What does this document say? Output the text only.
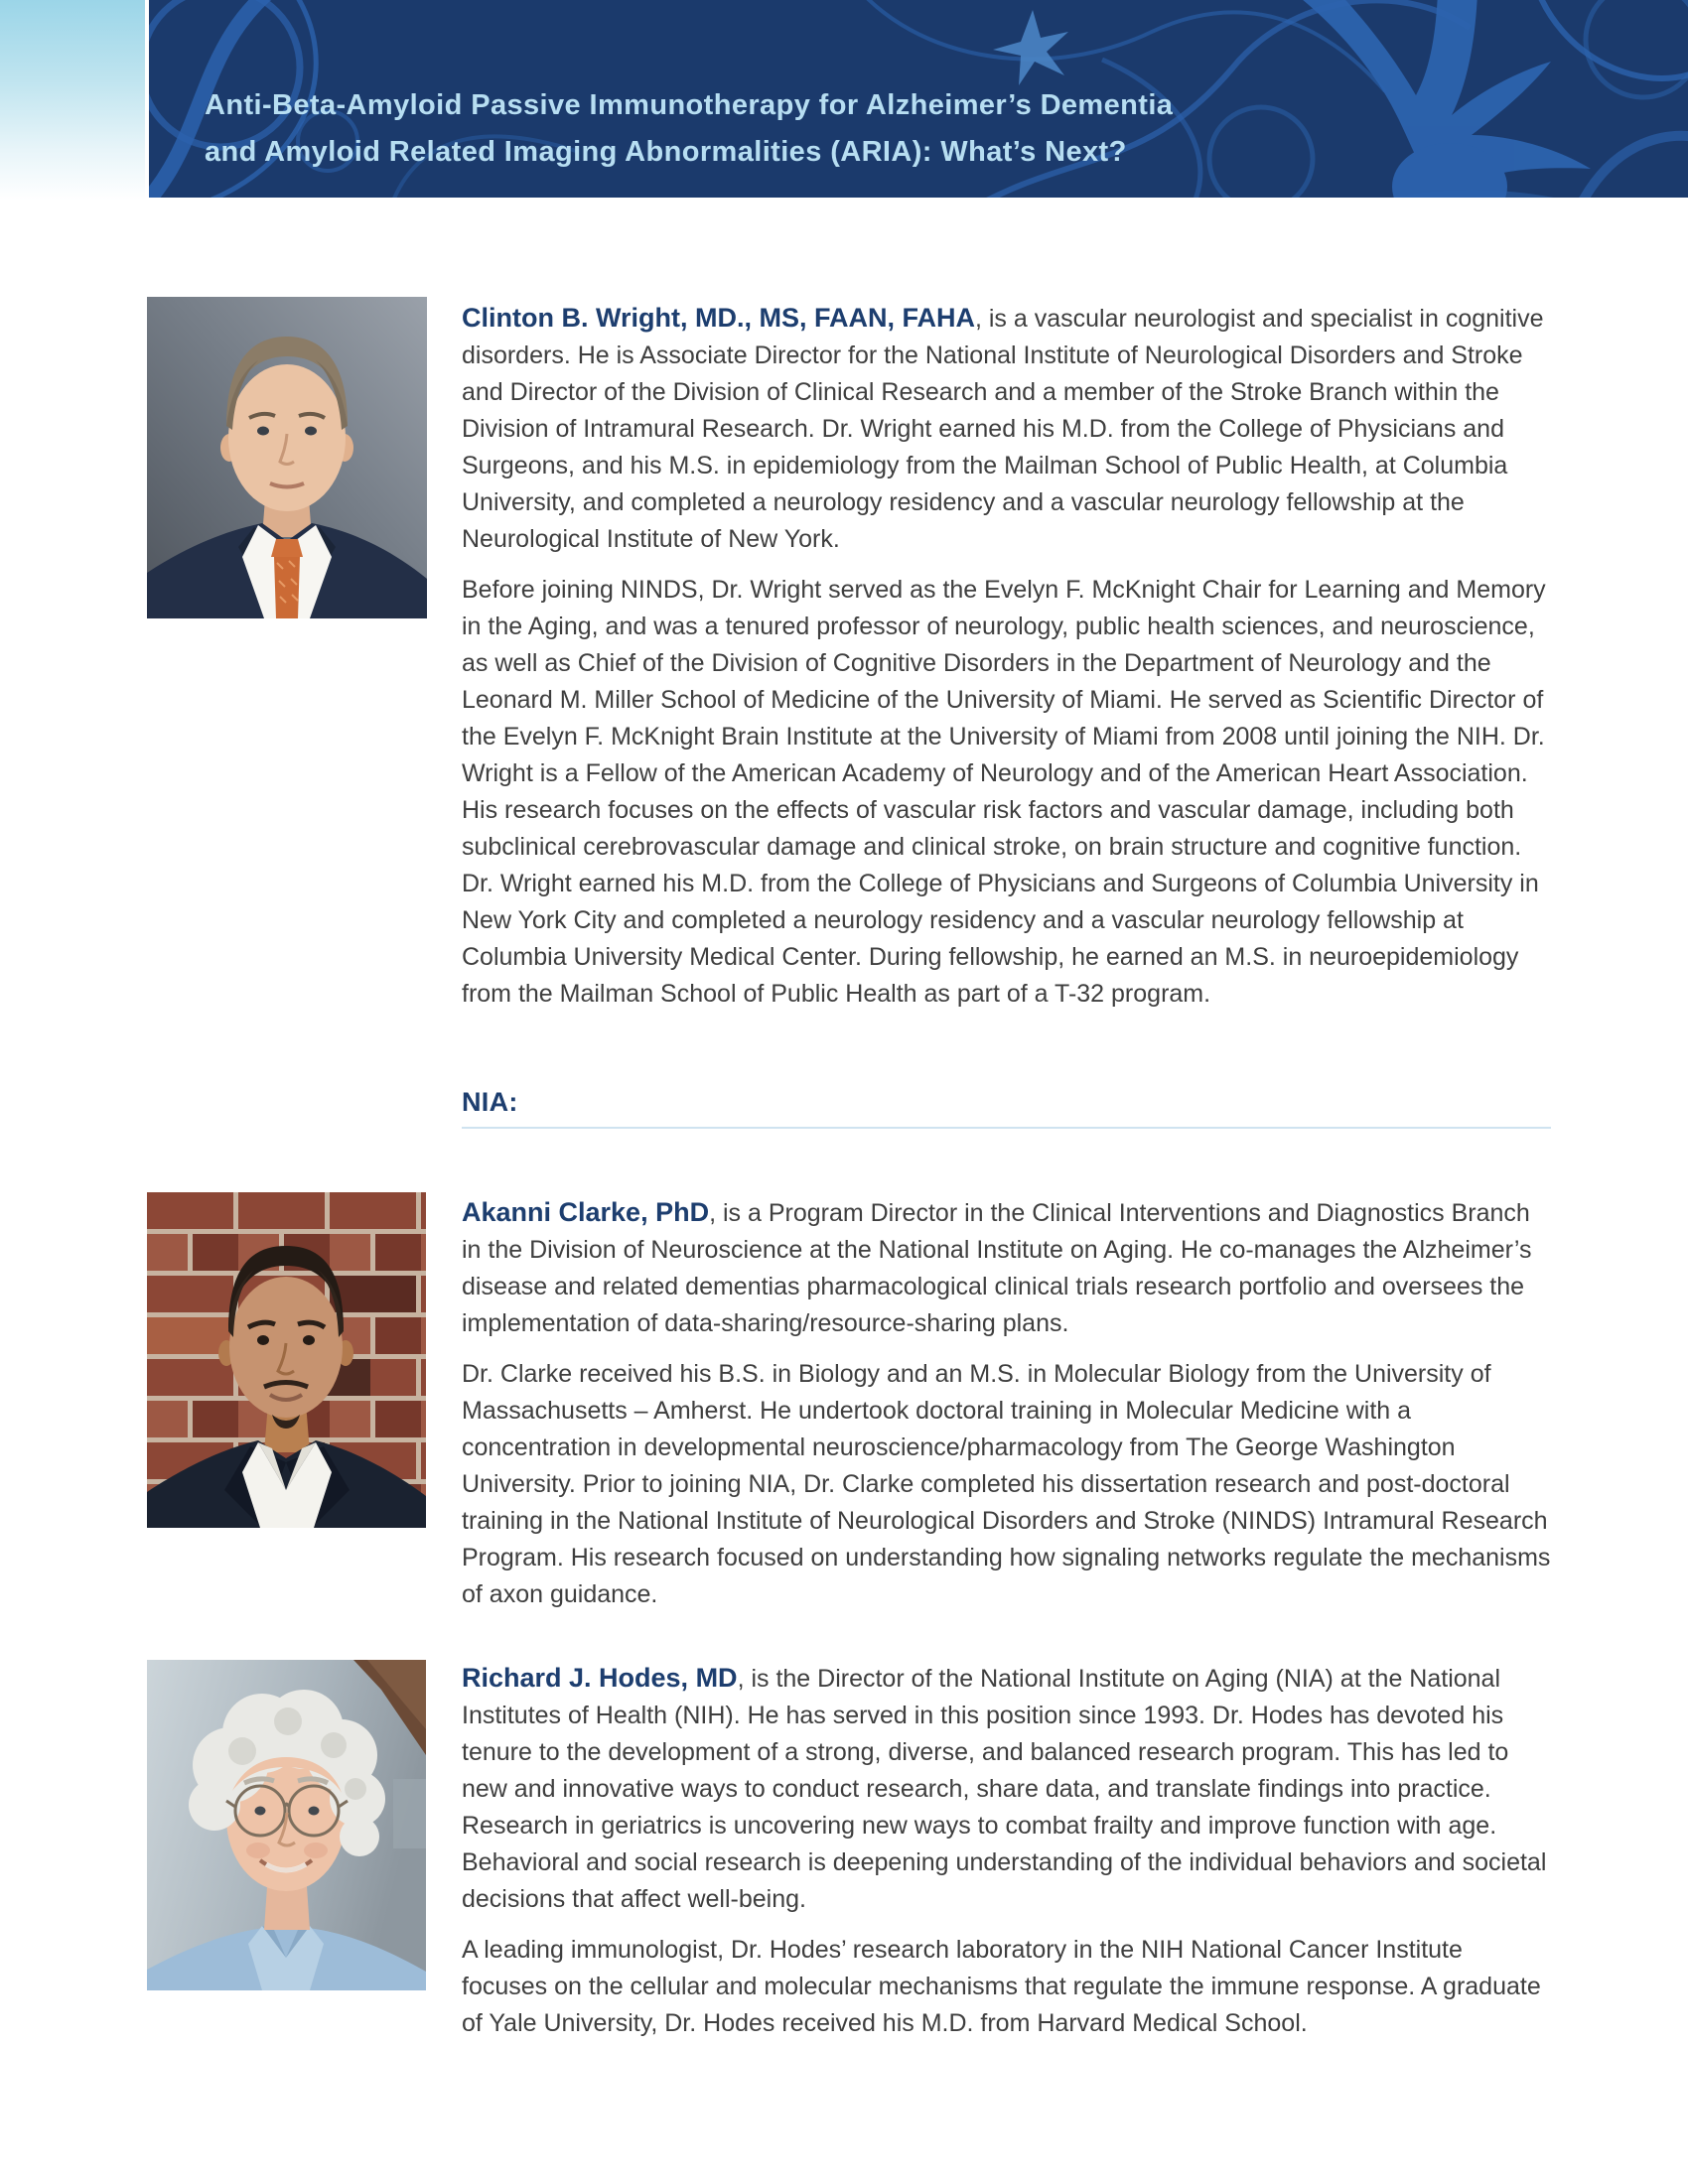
Anti-Beta-Amyloid Passive Immunotherapy for Alzheimer’s Dementia
and Amyloid Related Imaging Abnormalities (ARIA): What’s Next?

Clinton B. Wright, MD., MS, FAAN, FAHA, is a vascular neurologist and specialist in cognitive disorders. He is Associate Director for the National Institute of Neurological Disorders and Stroke and Director of the Division of Clinical Research and a member of the Stroke Branch within the Division of Intramural Research. Dr. Wright earned his M.D. from the College of Physicians and Surgeons, and his M.S. in epidemiology from the Mailman School of Public Health, at Columbia University, and completed a neurology residency and a vascular neurology fellowship at the Neurological Institute of New York.

Before joining NINDS, Dr. Wright served as the Evelyn F. McKnight Chair for Learning and Memory in the Aging, and was a tenured professor of neurology, public health sciences, and neuroscience, as well as Chief of the Division of Cognitive Disorders in the Department of Neurology and the Leonard M. Miller School of Medicine of the University of Miami. He served as Scientific Director of the Evelyn F. McKnight Brain Institute at the University of Miami from 2008 until joining the NIH. Dr. Wright is a Fellow of the American Academy of Neurology and of the American Heart Association. His research focuses on the effects of vascular risk factors and vascular damage, including both subclinical cerebrovascular damage and clinical stroke, on brain structure and cognitive function. Dr. Wright earned his M.D. from the College of Physicians and Surgeons of Columbia University in New York City and completed a neurology residency and a vascular neurology fellowship at Columbia University Medical Center. During fellowship, he earned an M.S. in neuroepidemiology from the Mailman School of Public Health as part of a T-32 program.

NIA:

Akanni Clarke, PhD, is a Program Director in the Clinical Interventions and Diagnostics Branch in the Division of Neuroscience at the National Institute on Aging. He co-manages the Alzheimer’s disease and related dementias pharmacological clinical trials research portfolio and oversees the implementation of data-sharing/resource-sharing plans.

Dr. Clarke received his B.S. in Biology and an M.S. in Molecular Biology from the University of Massachusetts – Amherst. He undertook doctoral training in Molecular Medicine with a concentration in developmental neuroscience/pharmacology from The George Washington University. Prior to joining NIA, Dr. Clarke completed his dissertation research and post-doctoral training in the National Institute of Neurological Disorders and Stroke (NINDS) Intramural Research Program. His research focused on understanding how signaling networks regulate the mechanisms of axon guidance.

Richard J. Hodes, MD, is the Director of the National Institute on Aging (NIA) at the National Institutes of Health (NIH). He has served in this position since 1993. Dr. Hodes has devoted his tenure to the development of a strong, diverse, and balanced research program. This has led to new and innovative ways to conduct research, share data, and translate findings into practice. Research in geriatrics is uncovering new ways to combat frailty and improve function with age. Behavioral and social research is deepening understanding of the individual behaviors and societal decisions that affect well-being.

A leading immunologist, Dr. Hodes’ research laboratory in the NIH National Cancer Institute focuses on the cellular and molecular mechanisms that regulate the immune response. A graduate of Yale University, Dr. Hodes received his M.D. from Harvard Medical School.
